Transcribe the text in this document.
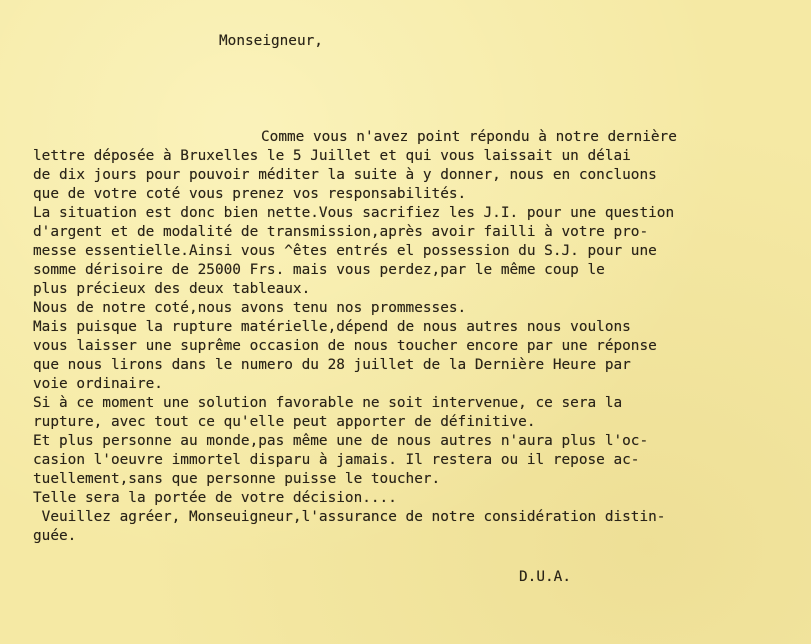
Monseigneur,
Comme vous n'avez point répondu à notre dernière
lettre déposée à Bruxelles le 5 Juillet et qui vous laissait un délai
de dix jours pour pouvoir méditer la suite à y donner, nous en concluons
que de votre coté vous prenez vos responsabilités.
La situation est donc bien nette.Vous sacrifiez les J.I. pour une question
d'argent et de modalité de transmission,après avoir failli à votre pro-
messe essentielle.Ainsi vous ^êtes entrés el possession du S.J. pour une
somme dérisoire de 25000 Frs. mais vous perdez,par le même coup le
plus précieux des deux tableaux.
Nous de notre coté,nous avons tenu nos prommesses.
Mais puisque la rupture matérielle,dépend de nous autres nous voulons
vous laisser une suprême occasion de nous toucher encore par une réponse
que nous lirons dans le numero du 28 juillet de la Dernière Heure par
voie ordinaire.
Si à ce moment une solution favorable ne soit intervenue, ce sera la
rupture, avec tout ce qu'elle peut apporter de définitive.
Et plus personne au monde,pas même une de nous autres n'aura plus l'oc-
casion l'oeuvre immortel disparu à jamais. Il restera ou il repose ac-
tuellement,sans que personne puisse le toucher.
Telle sera la portée de votre décision....
Veuillez agréer, Monseuigneur,l'assurance de notre considération distin-
guée.
D.U.A.
